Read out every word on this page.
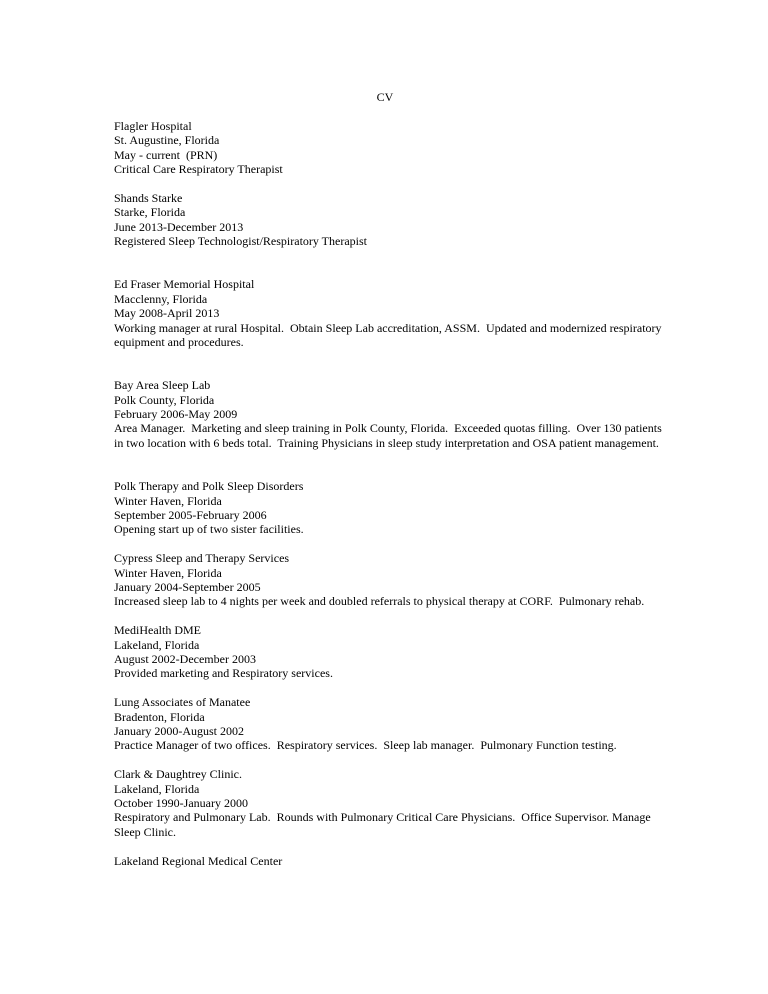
CV
Flagler Hospital
St. Augustine, Florida
May - current  (PRN)
Critical Care Respiratory Therapist
Shands Starke
Starke, Florida
June 2013-December 2013
Registered Sleep Technologist/Respiratory Therapist
Ed Fraser Memorial Hospital
Macclenny, Florida
May 2008-April 2013
Working manager at rural Hospital.  Obtain Sleep Lab accreditation, ASSM.  Updated and modernized respiratory equipment and procedures.
Bay Area Sleep Lab
Polk County, Florida
February 2006-May 2009
Area Manager.  Marketing and sleep training in Polk County, Florida.  Exceeded quotas filling.  Over 130 patients in two location with 6 beds total.  Training Physicians in sleep study interpretation and OSA patient management.
Polk Therapy and Polk Sleep Disorders
Winter Haven, Florida
September 2005-February 2006
Opening start up of two sister facilities.
Cypress Sleep and Therapy Services
Winter Haven, Florida
January 2004-September 2005
Increased sleep lab to 4 nights per week and doubled referrals to physical therapy at CORF.  Pulmonary rehab.
MediHealth DME
Lakeland, Florida
August 2002-December 2003
Provided marketing and Respiratory services.
Lung Associates of Manatee
Bradenton, Florida
January 2000-August 2002
Practice Manager of two offices.  Respiratory services.  Sleep lab manager.  Pulmonary Function testing.
Clark & Daughtrey Clinic.
Lakeland, Florida
October 1990-January 2000
Respiratory and Pulmonary Lab.  Rounds with Pulmonary Critical Care Physicians.  Office Supervisor. Manage Sleep Clinic.
Lakeland Regional Medical Center
